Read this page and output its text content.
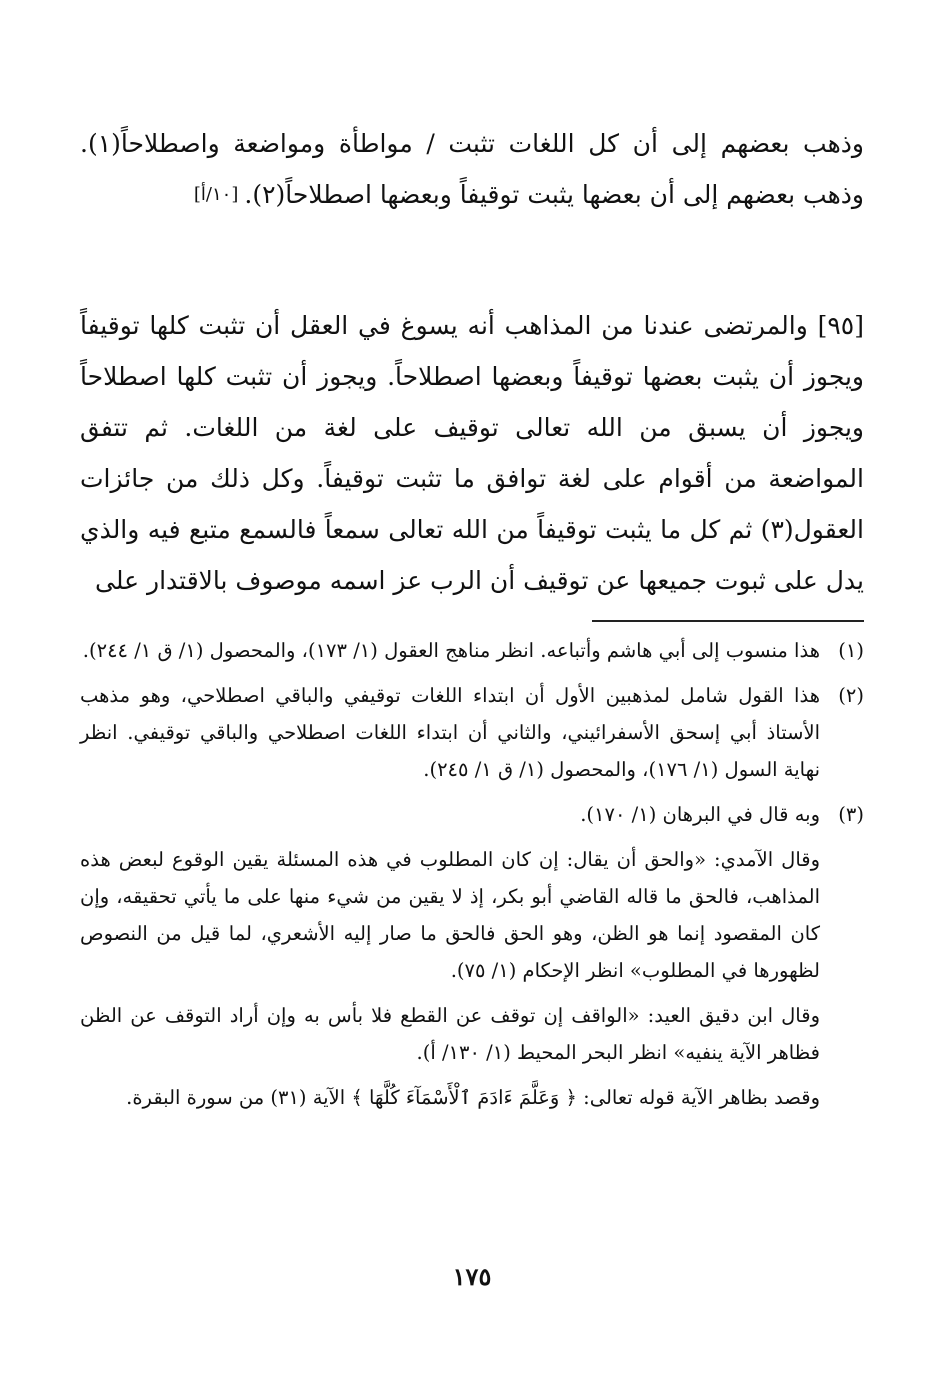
وذهب بعضهم إلى أن كل اللغات تثبت / مواطأة ومواضعة واصطلاحاً(١). وذهب بعضهم إلى أن بعضها يثبت توقيفاً وبعضها اصطلاحاً(٢).[١٠/أ]

[٩٥] والمرتضى عندنا من المذاهب أنه يسوغ في العقل أن تثبت كلها توقيفاً ويجوز أن يثبت بعضها توقيفاً وبعضها اصطلاحاً. ويجوز أن تثبت كلها اصطلاحاً ويجوز أن يسبق من الله تعالى توقيف على لغة من اللغات. ثم تتفق المواضعة من أقوام على لغة توافق ما تثبت توقيفاً. وكل ذلك من جائزات العقول(٣) ثم كل ما يثبت توقيفاً من الله تعالى سمعاً فالسمع متبع فيه والذي يدل على ثبوت جميعها عن توقيف أن الرب عز اسمه موصوف بالاقتدار على

(١)
هذا منسوب إلى أبي هاشم وأتباعه. انظر مناهج العقول (١/ ١٧٣)، والمحصول (١/ ق ١/ ٢٤٤).
(٢)
هذا القول شامل لمذهبين الأول أن ابتداء اللغات توقيفي والباقي اصطلاحي، وهو مذهب الأستاذ أبي إسحق الأسفرائيني، والثاني أن ابتداء اللغات اصطلاحي والباقي توقيفي. انظر نهاية السول (١/ ١٧٦)، والمحصول (١/ ق ١/ ٢٤٥).
(٣)
وبه قال في البرهان (١/ ١٧٠).
وقال الآمدي: «والحق أن يقال: إن كان المطلوب في هذه المسئلة يقين الوقوع لبعض هذه المذاهب، فالحق ما قاله القاضي أبو بكر، إذ لا يقين من شيء منها على ما يأتي تحقيقه، وإن كان المقصود إنما هو الظن، وهو الحق فالحق ما صار إليه الأشعري، لما قيل من النصوص لظهورها في المطلوب» انظر الإحكام (١/ ٧٥).
وقال ابن دقيق العيد: «الواقف إن توقف عن القطع فلا بأس به وإن أراد التوقف عن الظن فظاهر الآية ينفيه» انظر البحر المحيط (١/ ١٣٠/ أ).
وقصد بظاهر الآية قوله تعالى: ﴿ وَعَلَّمَ ءَادَمَ ٱلْأَسْمَآءَ كُلَّهَا ﴾ الآية (٣١) من سورة البقرة.
١٧٥
